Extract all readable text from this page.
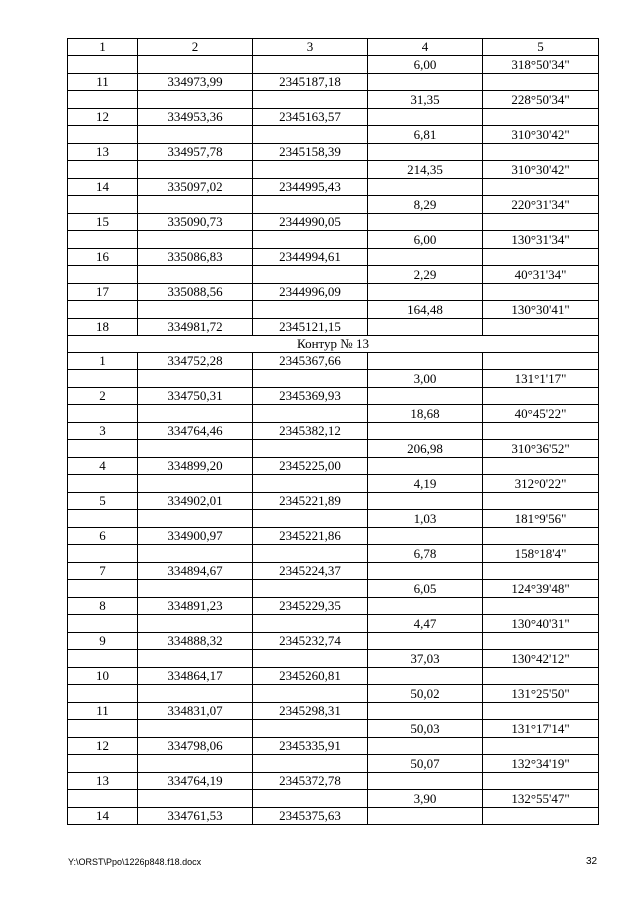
1	2	3	4	5
			6,00	318°50'34"
11	334973,99	2345187,18		
			31,35	228°50'34"
12	334953,36	2345163,57		
			6,81	310°30'42"
13	334957,78	2345158,39		
			214,35	310°30'42"
14	335097,02	2344995,43		
			8,29	220°31'34"
15	335090,73	2344990,05		
			6,00	130°31'34"
16	335086,83	2344994,61		
			2,29	40°31'34"
17	335088,56	2344996,09		
			164,48	130°30'41"
18	334981,72	2345121,15		
Контур № 13				
1	334752,28	2345367,66		
			3,00	131°1'17"
2	334750,31	2345369,93		
			18,68	40°45'22"
3	334764,46	2345382,12		
			206,98	310°36'52"
4	334899,20	2345225,00		
			4,19	312°0'22"
5	334902,01	2345221,89		
			1,03	181°9'56"
6	334900,97	2345221,86		
			6,78	158°18'4"
7	334894,67	2345224,37		
			6,05	124°39'48"
8	334891,23	2345229,35		
			4,47	130°40'31"
9	334888,32	2345232,74		
			37,03	130°42'12"
10	334864,17	2345260,81		
			50,02	131°25'50"
11	334831,07	2345298,31		
			50,03	131°17'14"
12	334798,06	2345335,91		
			50,07	132°34'19"
13	334764,19	2345372,78		
			3,90	132°55'47"
14	334761,53	2345375,63		
Y:\ORST\Ppo\1226p848.f18.docx	32
